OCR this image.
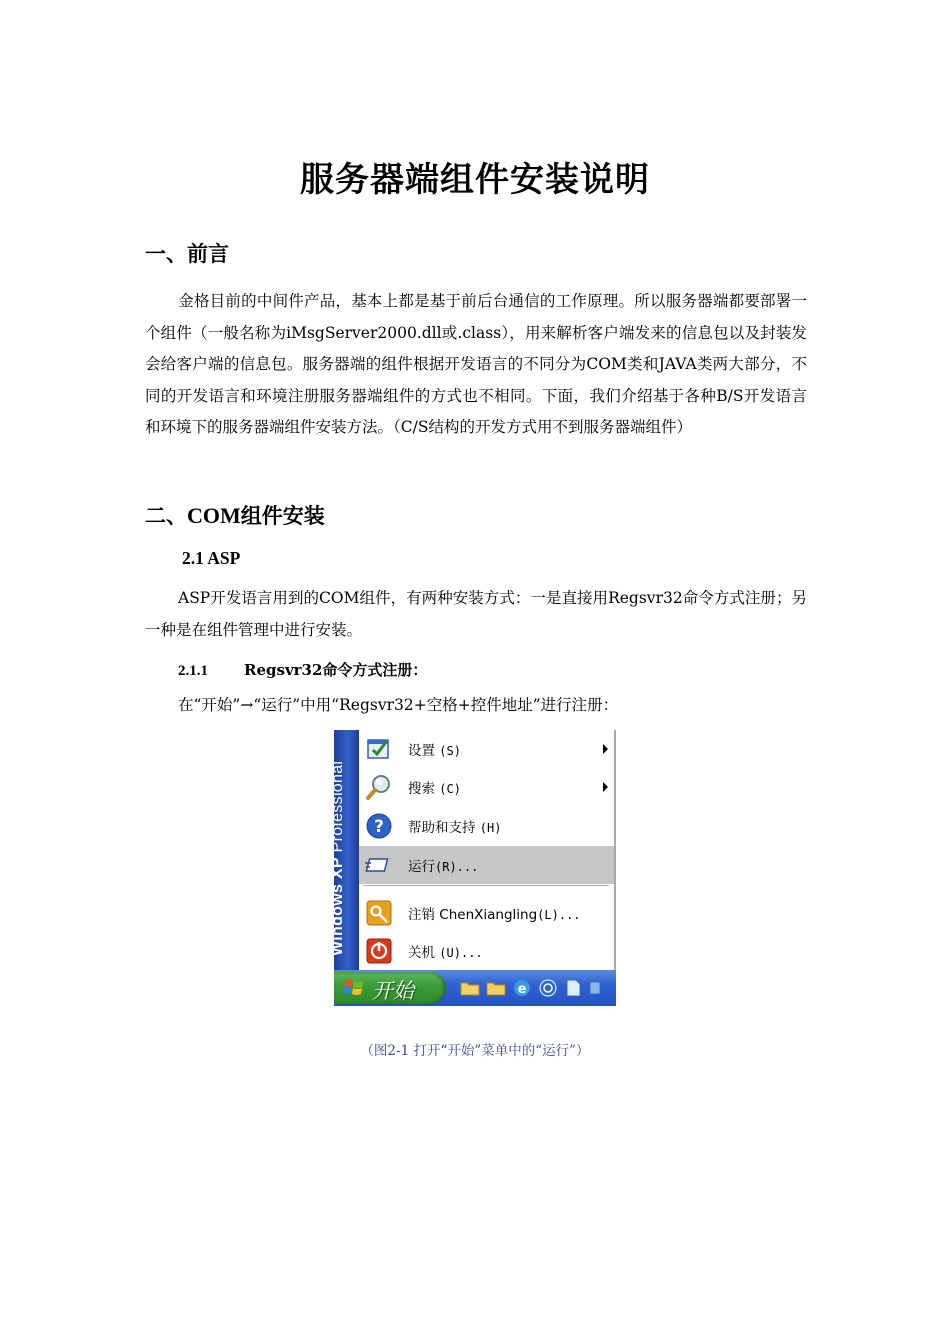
服务器端组件安装说明
一、前言
金格目前的中间件产品，基本上都是基于前后台通信的工作原理。所以服务器端都要部署一个组件（一般名称为iMsgServer2000.dll或.class），用来解析客户端发来的信息包以及封装发会给客户端的信息包。服务器端的组件根据开发语言的不同分为COM类和JAVA类两大部分，不同的开发语言和环境注册服务器端组件的方式也不相同。下面，我们介绍基于各种B/S开发语言和环境下的服务器端组件安装方法。（C/S结构的开发方式用不到服务器端组件）
二、COM组件安装
2.1 ASP
ASP开发语言用到的COM组件，有两种安装方式：一是直接用Regsvr32命令方式注册；另一种是在组件管理中进行安装。
2.1.1 Regsvr32命令方式注册：
在“开始”→“运行”中用“Regsvr32+空格+控件地址”进行注册：
Windows XP Professional
设置 (S)
搜索 (C)
? 帮助和支持 (H)
运行(R)...
注销 ChenXiangling(L)...
关机 (U)...
开始	e
（图2-1 打开“开始”菜单中的“运行”）
